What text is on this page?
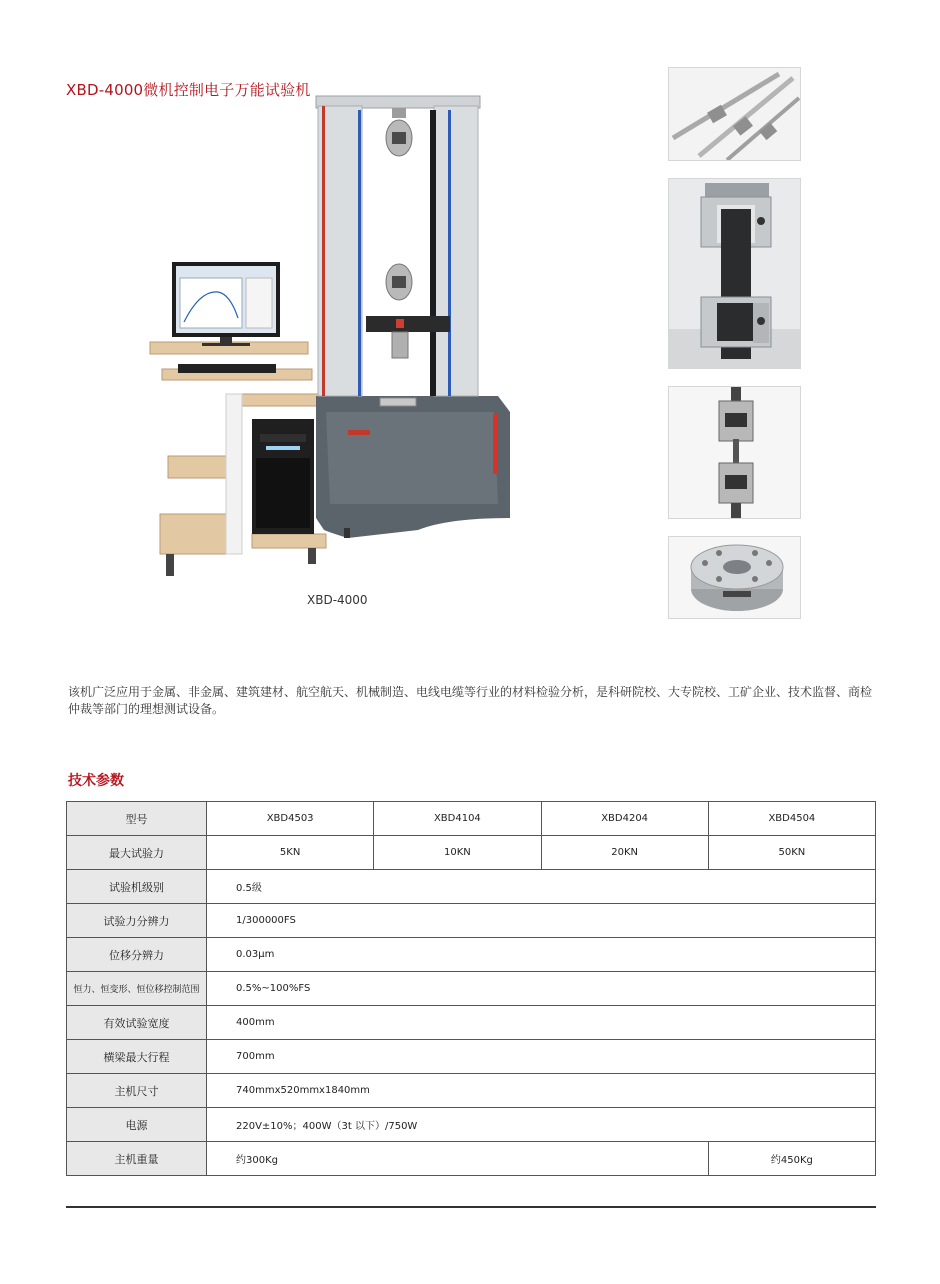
XBD-4000微机控制电子万能试验机
XBD-4000
该机广泛应用于金属、非金属、建筑建材、航空航天、机械制造、电线电缆等行业的材料检验分析，是科研院校、大专院校、工矿企业、技术监督、商检仲裁等部门的理想测试设备。
技术参数
型号	XBD4503	XBD4104	XBD4204	XBD4504
最大试验力	5KN	10KN	20KN	50KN
试验机级别	0.5级			
试验力分辨力	1/300000FS			
位移分辨力	0.03μm			
恒力、恒变形、恒位移控制范围	0.5%~100%FS			
有效试验宽度	400mm			
横梁最大行程	700mm			
主机尺寸	740mmx520mmx1840mm			
电源	220V±10%；400W（3t 以下）/750W			
主机重量	约300Kg			约450Kg
